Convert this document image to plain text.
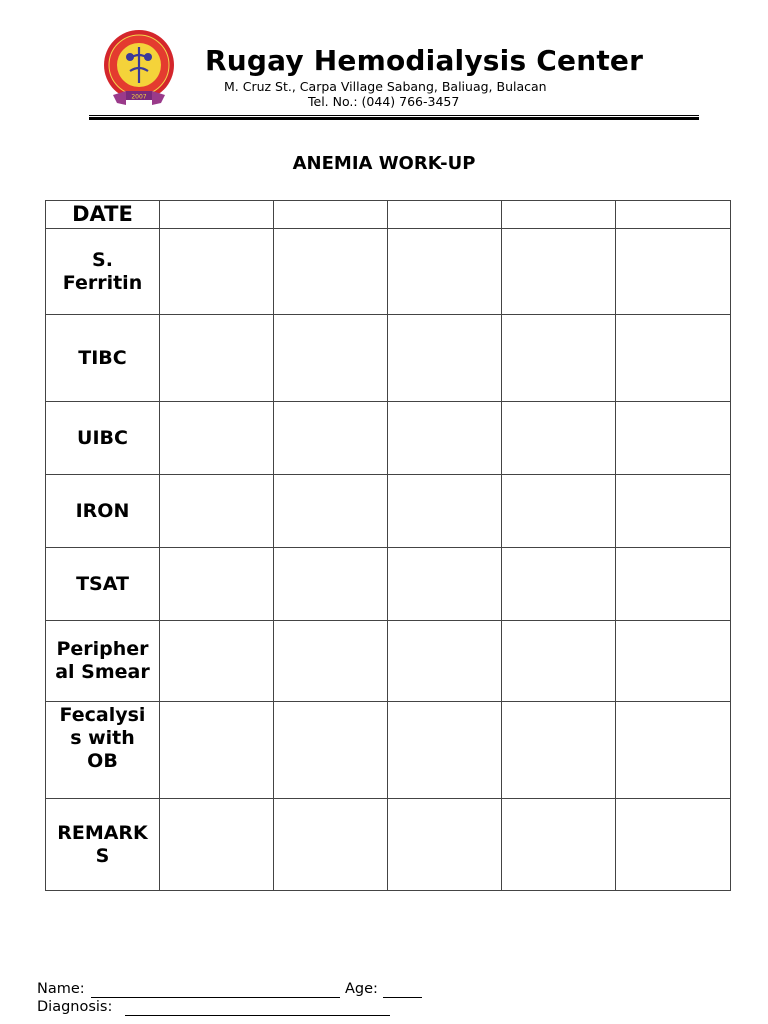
2007
Rugay Hemodialysis Center
M. Cruz St., Carpa Village Sabang, Baliuag, Bulacan
Tel. No.: (044) 766-3457
ANEMIA WORK-UP
DATE					

S.
Ferritin					

TIBC					

UIBC					

IRON					

TSAT					

Peripher
al Smear					

Fecalysi
s with
OB					

REMARK
S					

Name:	Age:
Diagnosis:
